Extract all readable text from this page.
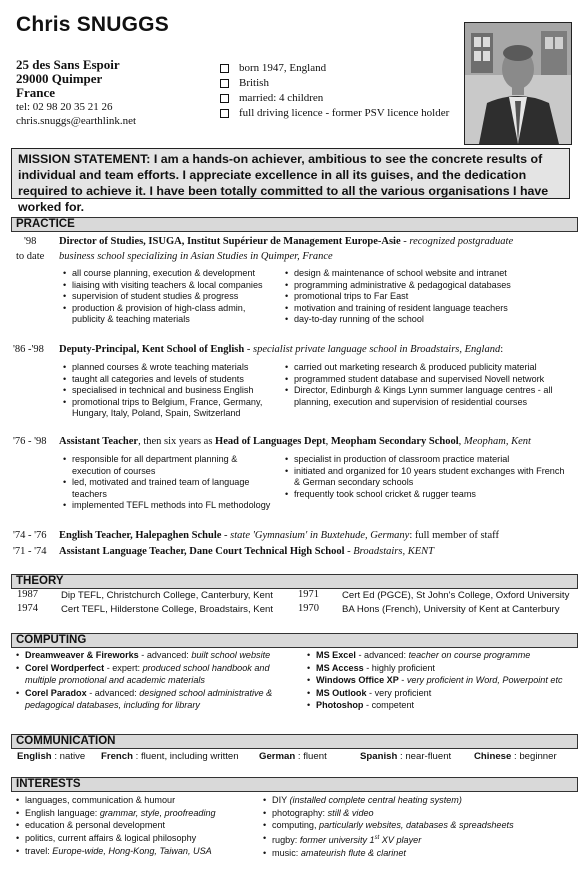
Chris SNUGGS
25 des Sans Espoir
29000 Quimper
France
tel: 02 98 20 35 21 26
chris.snuggs@earthlink.net
born 1947, England
British
married: 4 children
full driving licence - former PSV licence holder
MISSION STATEMENT: I am a hands-on achiever, ambitious to see the concrete results of individual and team efforts. I appreciate excellence in all its guises, and the dedication required to achieve it. I have been totally committed to all the various organisations I have worked for.
PRACTICE
'98
to date
Director of Studies, ISUGA, Institut Supérieur de Management Europe-Asie - recognized postgraduate
business school specializing in Asian Studies in Quimper, France
• all course planning, execution & development
• liaising with visiting teachers & local companies
• supervision of student studies & progress
• production & provision of high-class admin,
publicity & teaching materials
• design & maintenance of school website and intranet
• programming administrative & pedagogical databases
• promotional trips to Far East
• motivation and training of resident language teachers
• day-to-day running of the school
'86 -'98 Deputy-Principal, Kent School of English - specialist private language school in Broadstairs, England:
• planned courses & wrote teaching materials
• taught all categories and levels of students
• specialised in technical and business English
• promotional trips to Belgium, France, Germany,
Hungary, Italy, Poland, Spain, Switzerland
• carried out marketing research & produced publicity material
• programmed student database and supervised Novell network
• Director, Edinburgh & Kings Lynn summer language centres - all
planning, execution and supervision of residential courses
'76 - '98 Assistant Teacher, then six years as Head of Languages Dept, Meopham Secondary School, Meopham, Kent
• responsible for all department planning &
execution of courses
• led, motivated and trained team of language
teachers
• implemented TEFL methods into FL methodology
• specialist in production of classroom practice material
• initiated and organized for 10 years student exchanges with French
& German secondary schools
• frequently took school cricket & rugger teams
'74 - '76 English Teacher, Halepaghen Schule - state 'Gymnasium' in Buxtehude, Germany: full member of staff
'71 - '74 Assistant Language Teacher, Dane Court Technical High School - Broadstairs, KENT
THEORY
1987 Dip TEFL, Christchurch College, Canterbury, Kent
1974 Cert TEFL, Hilderstone College, Broadstairs, Kent
1971 Cert Ed (PGCE), St John's College, Oxford University
1970 BA Hons (French), University of Kent at Canterbury
COMPUTING
• Dreamweaver & Fireworks - advanced: built school website
• Corel Wordperfect - expert: produced school handbook and
multiple promotional and academic materials
• Corel Paradox - advanced: designed school administrative &
pedagogical databases, including for library
• MS Excel - advanced: teacher on course programme
• MS Access - highly proficient
• Windows Office XP - very proficient in Word, Powerpoint etc
• MS Outlook - very proficient
• Photoshop - competent
COMMUNICATION
English : native French : fluent, including written German : fluent	Spanish : near-fluent Chinese : beginner
INTERESTS
• languages, communication & humour
• English language: grammar, style, proofreading
• education & personal development
• politics, current affairs & logical philosophy
• travel: Europe-wide, Hong-Kong, Taiwan, USA
• DIY (installed complete central heating system)
• photography: still & video
• computing, particularly websites, databases & spreadsheets
• rugby: former university 1st XV player
• music: amateurish flute & clarinet
